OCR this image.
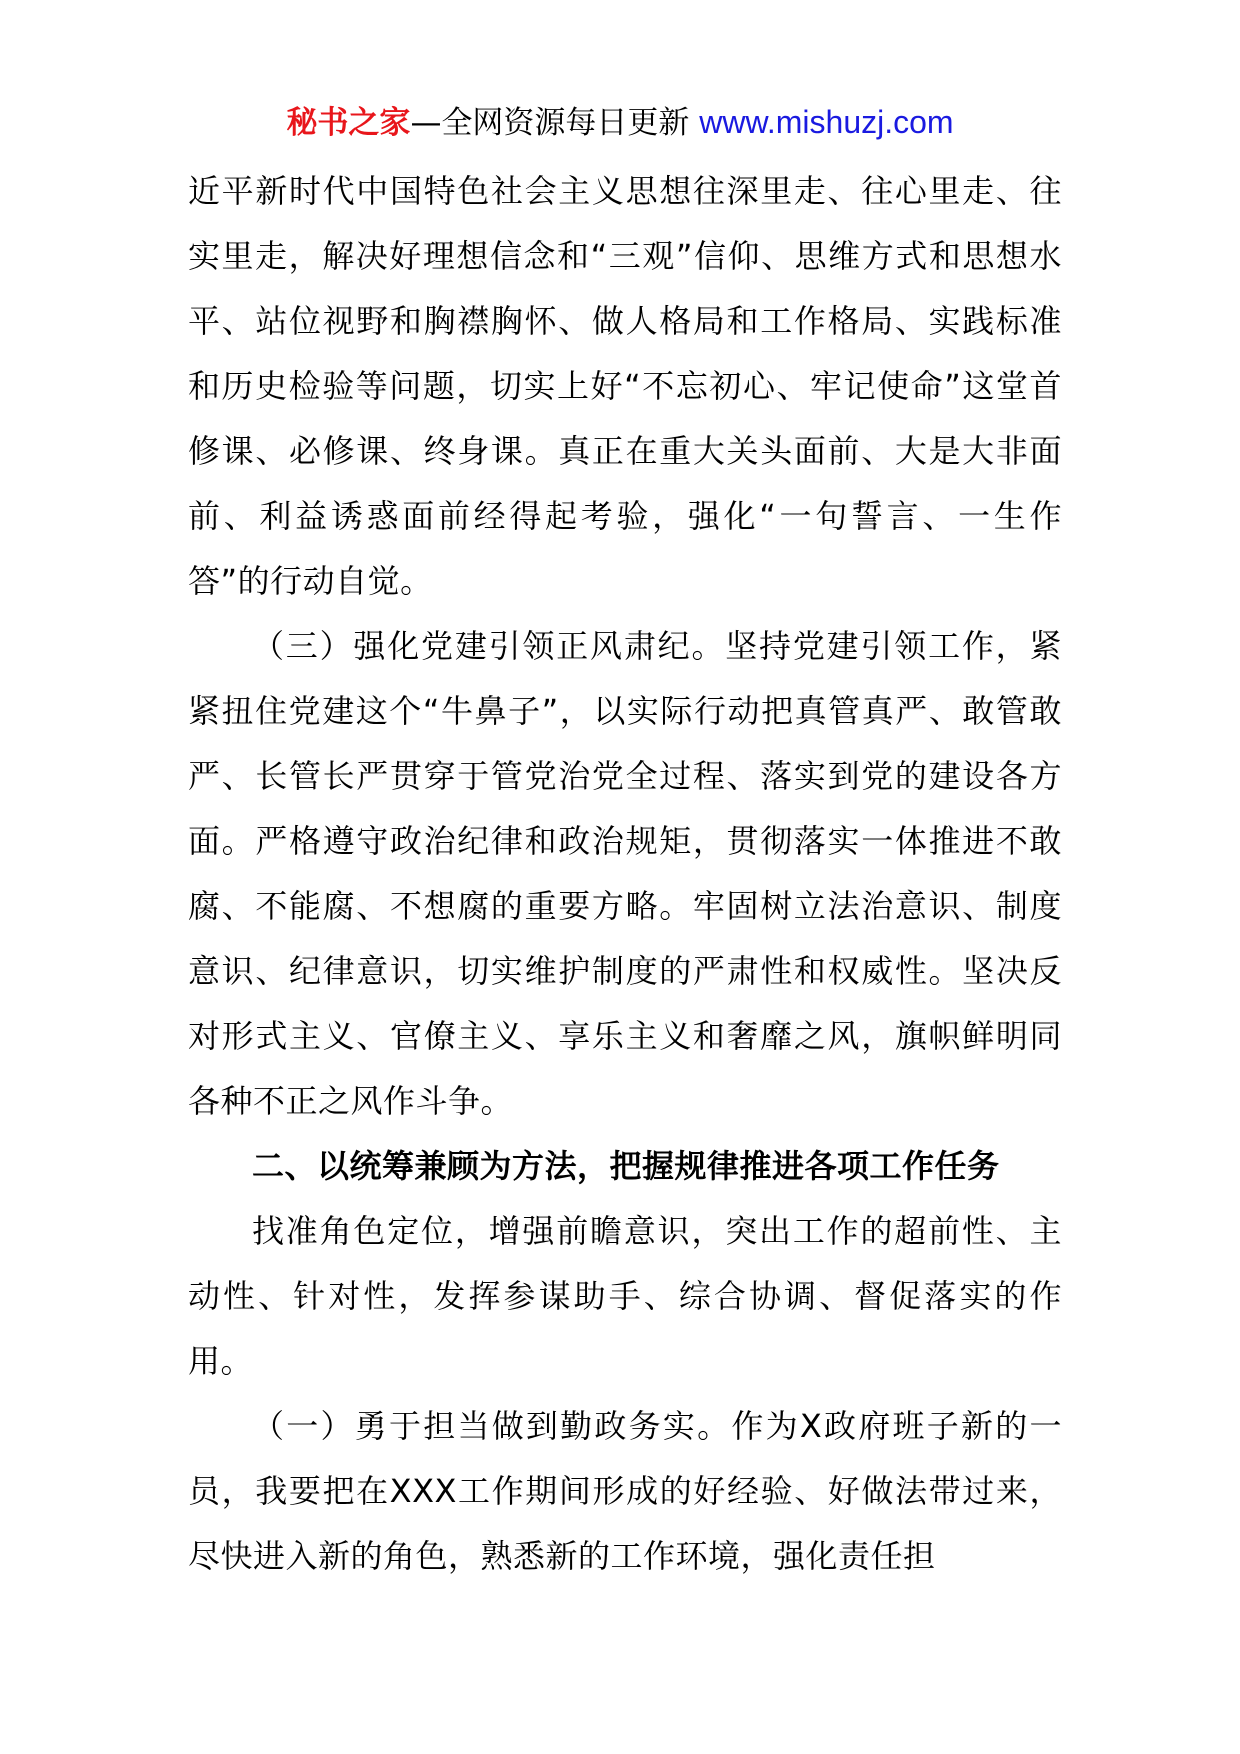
秘书之家—全网资源每日更新 www.mishuzj.com

近平新时代中国特色社会主义思想往深里走、往心里走、往实里走，解决好理想信念和“三观”信仰、思维方式和思想水平、站位视野和胸襟胸怀、做人格局和工作格局、实践标准和历史检验等问题，切实上好“不忘初心、牢记使命”这堂首修课、必修课、终身课。真正在重大关头面前、大是大非面前、利益诱惑面前经得起考验，强化“一句誓言、一生作答”的行动自觉。

（三）强化党建引领正风肃纪。坚持党建引领工作，紧紧扭住党建这个“牛鼻子”，以实际行动把真管真严、敢管敢严、长管长严贯穿于管党治党全过程、落实到党的建设各方面。严格遵守政治纪律和政治规矩，贯彻落实一体推进不敢腐、不能腐、不想腐的重要方略。牢固树立法治意识、制度意识、纪律意识，切实维护制度的严肃性和权威性。坚决反对形式主义、官僚主义、享乐主义和奢靡之风，旗帜鲜明同各种不正之风作斗争。

二、以统筹兼顾为方法，把握规律推进各项工作任务

找准角色定位，增强前瞻意识，突出工作的超前性、主动性、针对性，发挥参谋助手、综合协调、督促落实的作用。

（一）勇于担当做到勤政务实。作为X政府班子新的一员，我要把在XXX工作期间形成的好经验、好做法带过来，尽快进入新的角色，熟悉新的工作环境，强化责任担
